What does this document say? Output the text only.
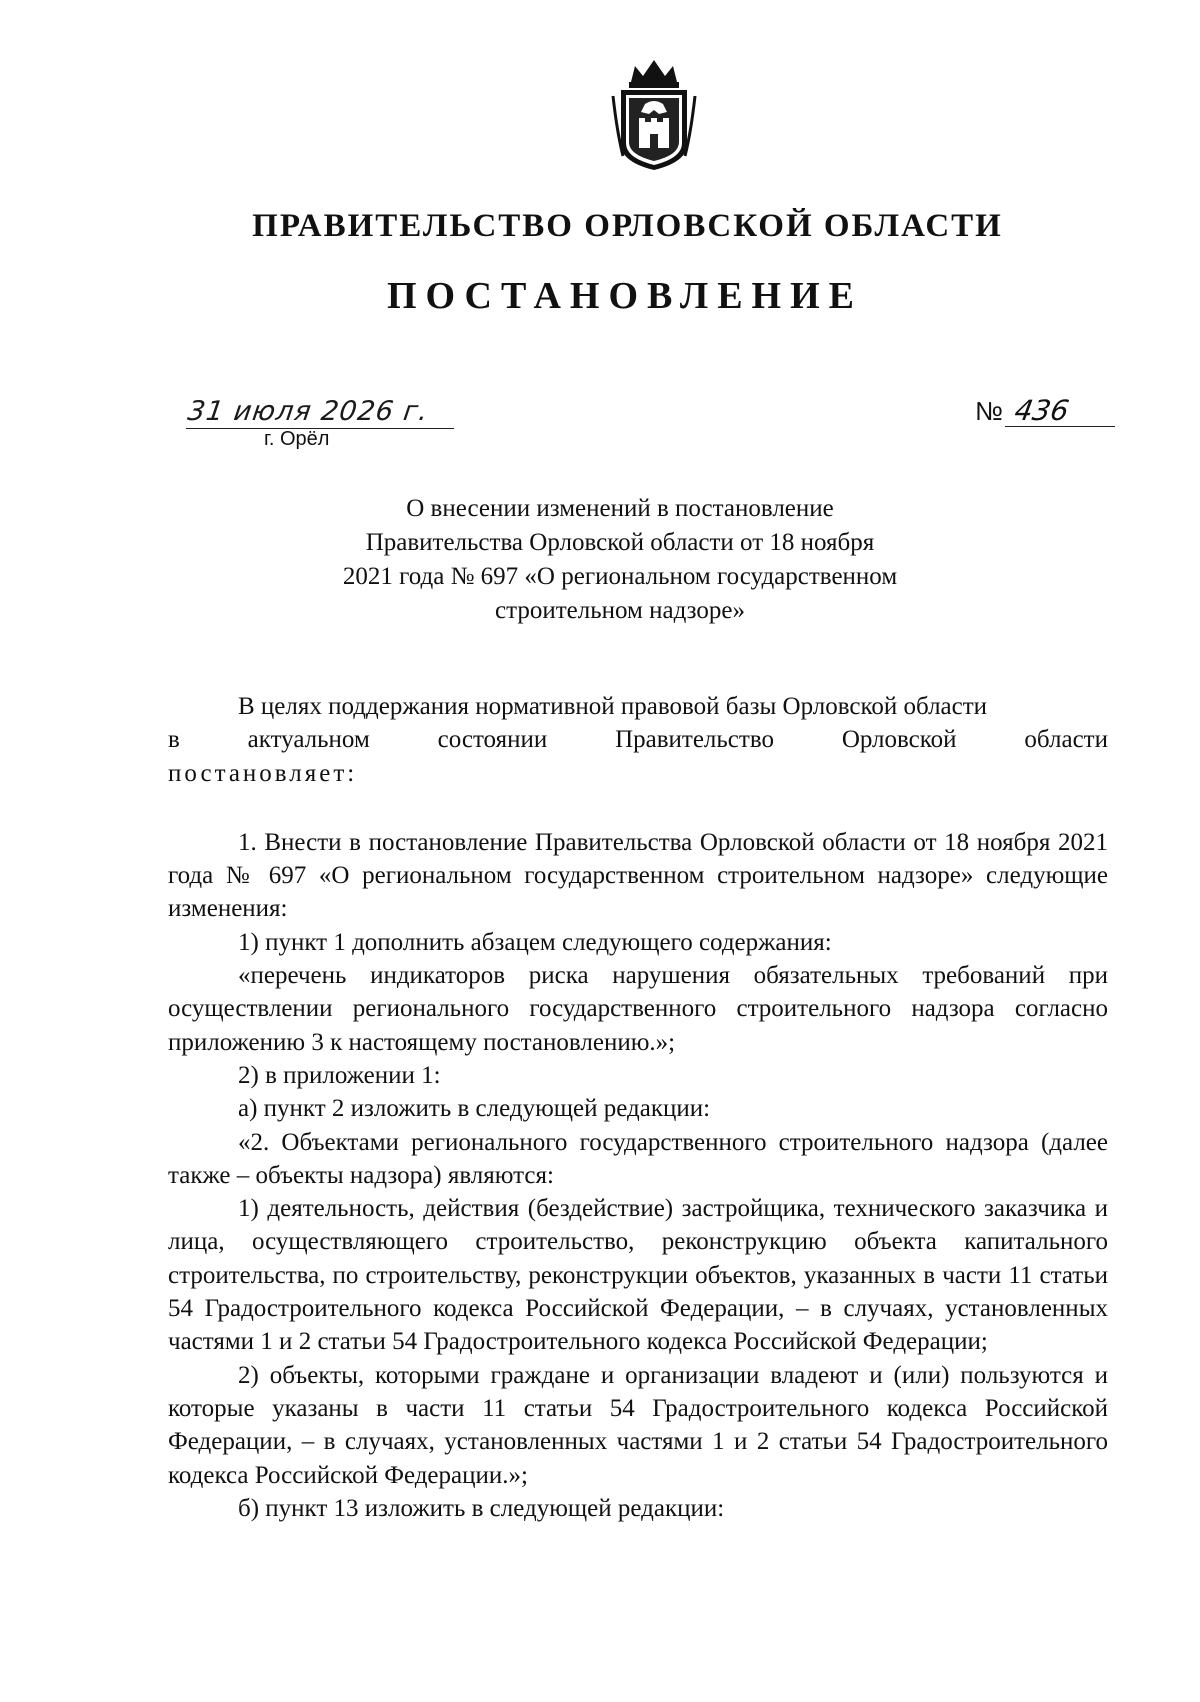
ПРАВИТЕЛЬСТВО ОРЛОВСКОЙ ОБЛАСТИ
ПОСТАНОВЛЕНИЕ
31 июля 2026 г.
г. Орёл
№ 436
О внесении изменений в постановление
Правительства Орловской области от 18 ноября
2021 года № 697 «О региональном государственном
строительном надзоре»

В целях поддержания нормативной правовой базы Орловской области

в	актуальном	состоянии	Правительство	Орловской	области

постановляет:

1. Внести в постановление Правительства Орловской области от 18 ноября 2021 года № 697 «О региональном государственном строительном надзоре» следующие изменения:

1) пункт 1 дополнить абзацем следующего содержания:

«перечень индикаторов риска нарушения обязательных требований при осуществлении регионального государственного строительного надзора согласно приложению 3 к настоящему постановлению.»;

2) в приложении 1:

а) пункт 2 изложить в следующей редакции:

«2. Объектами регионального государственного строительного надзора (далее также – объекты надзора) являются:

1) деятельность, действия (бездействие) застройщика, технического заказчика и лица, осуществляющего строительство, реконструкцию объекта капитального строительства, по строительству, реконструкции объектов, указанных в части 11 статьи 54 Градостроительного кодекса Российской Федерации, – в случаях, установленных частями 1 и 2 статьи 54 Градостроительного кодекса Российской Федерации;

2) объекты, которыми граждане и организации владеют и (или) пользуются и которые указаны в части 11 статьи 54 Градостроительного кодекса Российской Федерации, – в случаях, установленных частями 1 и 2 статьи 54 Градостроительного кодекса Российской Федерации.»;

б) пункт 13 изложить в следующей редакции:
